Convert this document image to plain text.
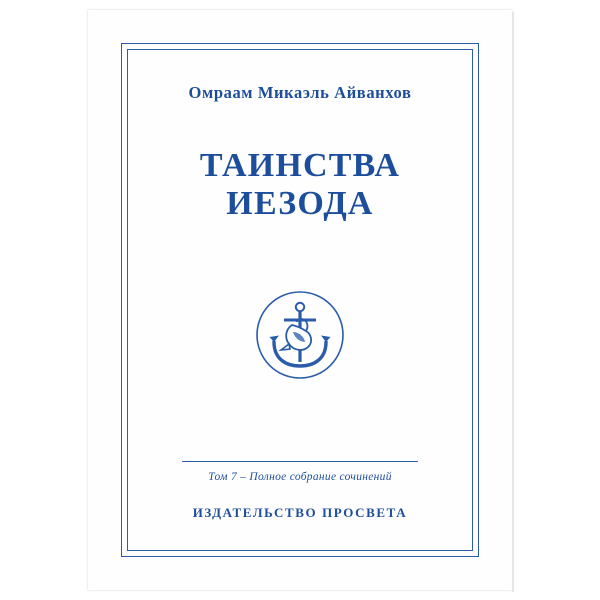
Омраам Микаэль Айванхов
ТАИНСТВА
ИЕЗОДА
Том 7 – Полное собрание сочинений
ИЗДАТЕЛЬСТВО ПРОСВЕТА
